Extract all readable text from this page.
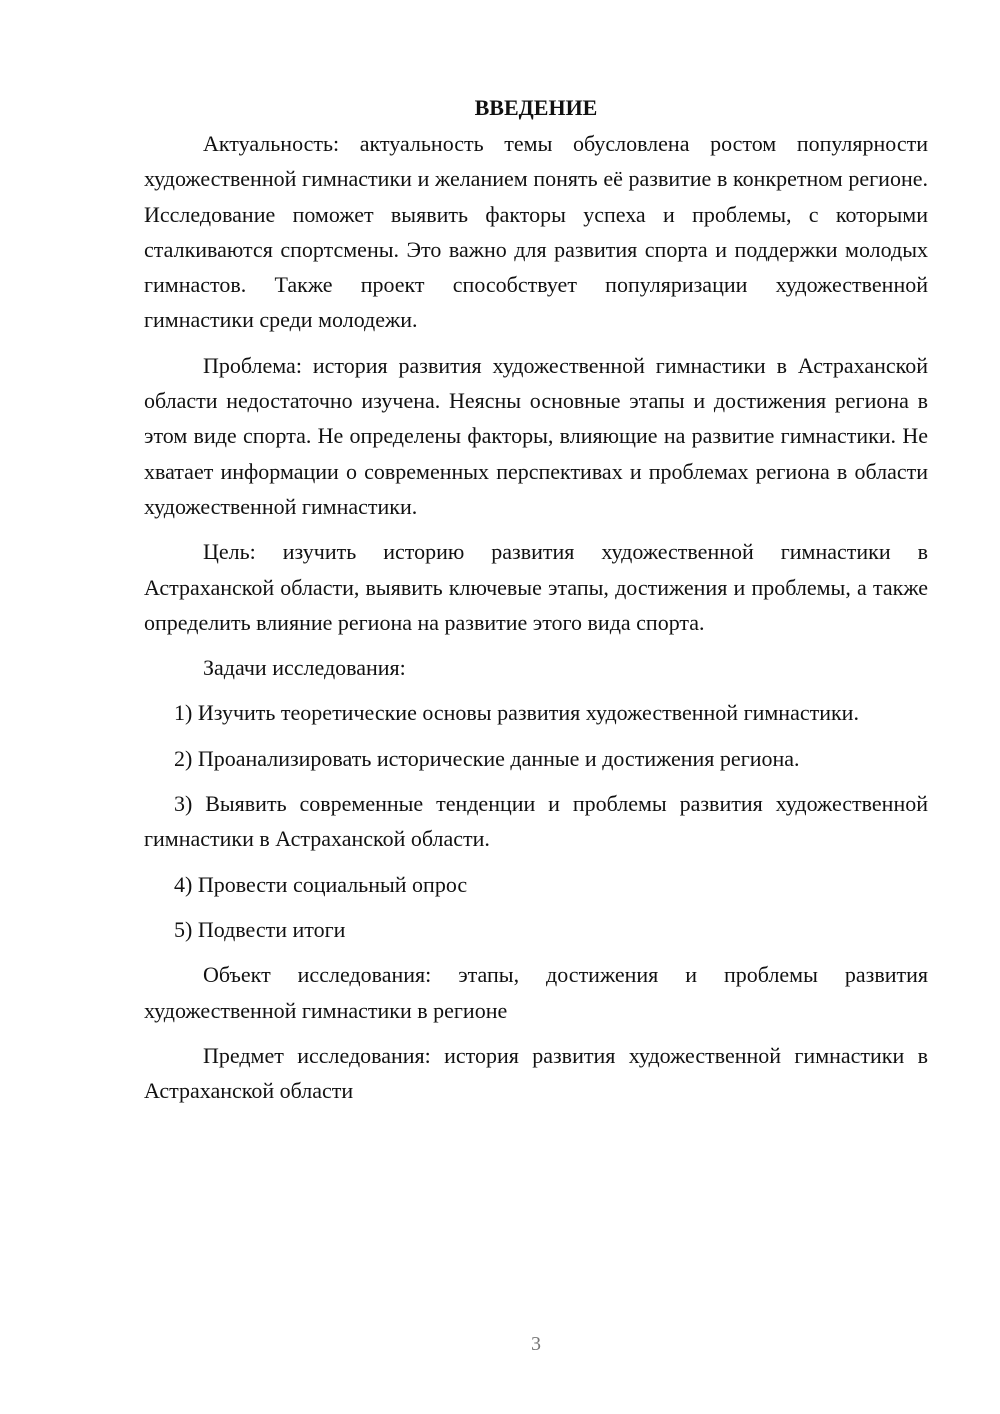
ВВЕДЕНИЕ

Актуальность: актуальность темы обусловлена ростом популярности художественной гимнастики и желанием понять её развитие в конкретном регионе. Исследование поможет выявить факторы успеха и проблемы, с которыми сталкиваются спортсмены. Это важно для развития спорта и поддержки молодых гимнастов. Также проект способствует популяризации художественной гимнастики среди молодежи.

Проблема: история развития художественной гимнастики в Астраханской области недостаточно изучена. Неясны основные этапы и достижения региона в этом виде спорта. Не определены факторы, влияющие на развитие гимнастики. Не хватает информации о современных перспективах и проблемах региона в области художественной гимнастики.

Цель: изучить историю развития художественной гимнастики в Астраханской области, выявить ключевые этапы, достижения и проблемы, а также определить влияние региона на развитие этого вида спорта.

Задачи исследования:

1) Изучить теоретические основы развития художественной гимнастики.

2) Проанализировать исторические данные и достижения региона.

3) Выявить современные тенденции и проблемы развития художественной гимнастики в Астраханской области.

4) Провести социальный опрос

5) Подвести итоги

Объект исследования: этапы, достижения и проблемы развития художественной гимнастики в регионе

Предмет исследования: история развития художественной гимнастики в Астраханской области

3
